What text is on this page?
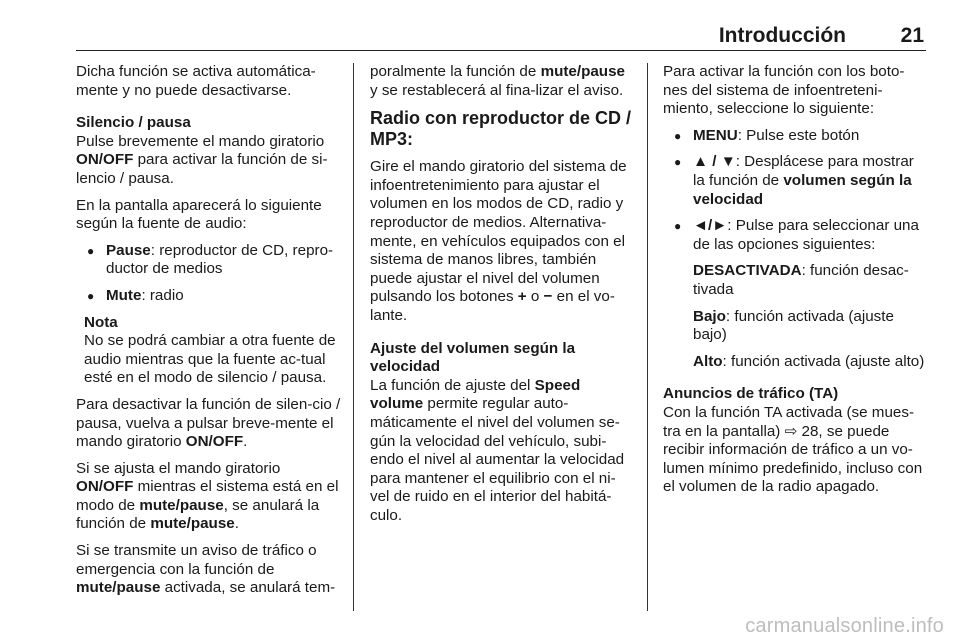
Introducción	21

Dicha función se activa automática-mente y no puede desactivarse.

Silencio / pausa

Pulse brevemente el mando giratorio ON/OFF para activar la función de si-lencio / pausa.

En la pantalla aparecerá lo siguiente según la fuente de audio:

● Pause: reproductor de CD, repro-ductor de medios
● Mute: radio
Nota
No se podrá cambiar a otra fuente de audio mientras que la fuente ac-tual esté en el modo de silencio / pausa.

Para desactivar la función de silen-cio / pausa, vuelva a pulsar breve-mente el mando giratorio ON/OFF.

Si se ajusta el mando giratorio ON/OFF mientras el sistema está en el modo de mute/pause, se anulará la función de mute/pause.

Si se transmite un aviso de tráfico o emergencia con la función de mute/pause activada, se anulará tem-

poralmente la función de mute/pause y se restablecerá al fina-lizar el aviso.

Radio con reproductor de CD / MP3:

Gire el mando giratorio del sistema de infoentretenimiento para ajustar el volumen en los modos de CD, radio y reproductor de medios. Alternativa-mente, en vehículos equipados con el sistema de manos libres, también puede ajustar el nivel del volumen pulsando los botones + o − en el vo-lante.

Ajuste del volumen según la velocidad

La función de ajuste del Speed volume permite regular auto-máticamente el nivel del volumen se-gún la velocidad del vehículo, subi-endo el nivel al aumentar la velocidad para mantener el equilibrio con el ni-vel de ruido en el interior del habitá-culo.

Para activar la función con los boto-nes del sistema de infoentreteni-miento, seleccione lo siguiente:

● MENU: Pulse este botón
● ▲ / ▼: Desplácese para mostrar la función de volumen según la velocidad
● ◄/►: Pulse para seleccionar una de las opciones siguientes:

DESACTIVADA: función desac-tivada

Bajo: función activada (ajuste bajo)

Alto: función activada (ajuste alto)

Anuncios de tráfico (TA)

Con la función TA activada (se mues-tra en la pantalla) ⇨ 28, se puede recibir información de tráfico a un vo-lumen mínimo predefinido, incluso con el volumen de la radio apagado.

carmanualsonline.info
